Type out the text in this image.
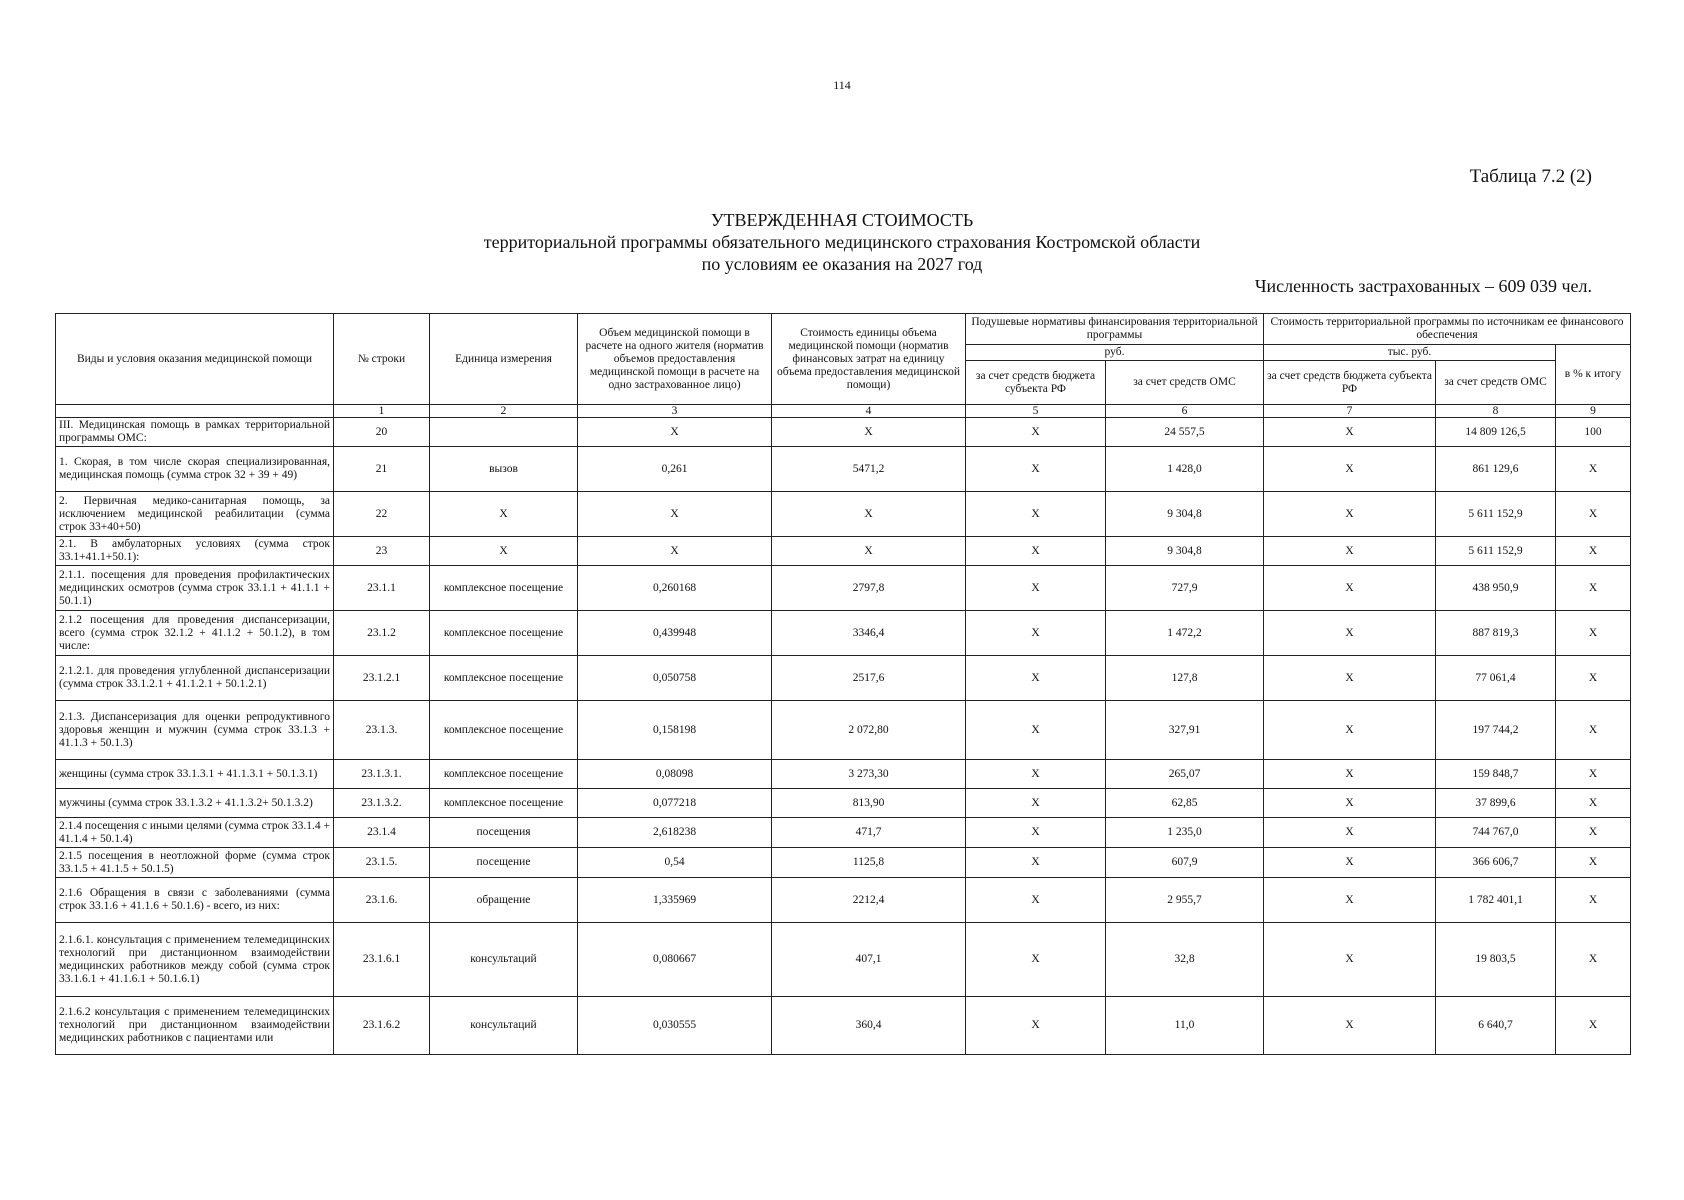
114
Таблица 7.2 (2)
УТВЕРЖДЕННАЯ СТОИМОСТЬ
территориальной программы обязательного медицинского страхования Костромской области
по условиям ее оказания на 2027 год
Численность застрахованных – 609 039 чел.
Виды и условия оказания медицинской помощи	№ строки	Единица измерения	Объем медицинской помощи в расчете на одного жителя (норматив объемов предоставления медицинской помощи в расчете на одно застрахованное лицо)	Стоимость единицы объема медицинской помощи (норматив финансовых затрат на единицу объема предоставления медицинской помощи)	Подушевые нормативы финансирования территориальной программы		Стоимость территориальной программы по источникам ее финансового обеспечения		
					руб.		тыс. руб.		в % к итогу
					за счет средств бюджета субъекта РФ	за счет средств ОМС	за счет средств бюджета субъекта РФ	за счет средств ОМС	
	1	2	3	4	5	6	7	8	9
III. Медицинская помощь в рамках территориальной программы ОМС:	20		X	X	X	24 557,5	X	14 809 126,5	100
1. Скорая, в том числе скорая специализированная, медицинская помощь (сумма строк 32 + 39 + 49)	21	вызов	0,261	5471,2	X	1 428,0	X	861 129,6	X
2. Первичная медико-санитарная помощь, за исключением медицинской реабилитации (сумма строк 33+40+50)	22	X	X	X	X	9 304,8	X	5 611 152,9	X
2.1. В амбулаторных условиях (сумма строк 33.1+41.1+50.1):	23	X	X	X	X	9 304,8	X	5 611 152,9	X
2.1.1. посещения для проведения профилактических медицинских осмотров (сумма строк 33.1.1 + 41.1.1 + 50.1.1)	23.1.1	комплексное посещение	0,260168	2797,8	X	727,9	X	438 950,9	X
2.1.2 посещения для проведения диспансеризации, всего (сумма строк 32.1.2 + 41.1.2 + 50.1.2), в том числе:	23.1.2	комплексное посещение	0,439948	3346,4	X	1 472,2	X	887 819,3	X
2.1.2.1. для проведения углубленной диспансеризации (сумма строк 33.1.2.1 + 41.1.2.1 + 50.1.2.1)	23.1.2.1	комплексное посещение	0,050758	2517,6	X	127,8	X	77 061,4	X
2.1.3. Диспансеризация для оценки репродуктивного здоровья женщин и мужчин (сумма строк 33.1.3 + 41.1.3 + 50.1.3)	23.1.3.	комплексное посещение	0,158198	2 072,80	X	327,91	X	197 744,2	X
женщины (сумма строк 33.1.3.1 + 41.1.3.1 + 50.1.3.1)	23.1.3.1.	комплексное посещение	0,08098	3 273,30	X	265,07	X	159 848,7	X
мужчины (сумма строк 33.1.3.2 + 41.1.3.2+ 50.1.3.2)	23.1.3.2.	комплексное посещение	0,077218	813,90	X	62,85	X	37 899,6	X
2.1.4 посещения с иными целями (сумма строк 33.1.4 + 41.1.4 + 50.1.4)	23.1.4	посещения	2,618238	471,7	X	1 235,0	X	744 767,0	X
2.1.5 посещения в неотложной форме (сумма строк 33.1.5 + 41.1.5 + 50.1.5)	23.1.5.	посещение	0,54	1125,8	X	607,9	X	366 606,7	X
2.1.6 Обращения в связи с заболеваниями (сумма строк 33.1.6 + 41.1.6 + 50.1.6) - всего, из них:	23.1.6.	обращение	1,335969	2212,4	X	2 955,7	X	1 782 401,1	X
2.1.6.1. консультация с применением телемедицинских технологий при дистанционном взаимодействии медицинских работников между собой (сумма строк 33.1.6.1 + 41.1.6.1 + 50.1.6.1)	23.1.6.1	консультаций	0,080667	407,1	X	32,8	X	19 803,5	X
2.1.6.2 консультация с применением телемедицинских технологий при дистанционном взаимодействии медицинских работников с пациентами или	23.1.6.2	консультаций	0,030555	360,4	X	11,0	X	6 640,7	X
